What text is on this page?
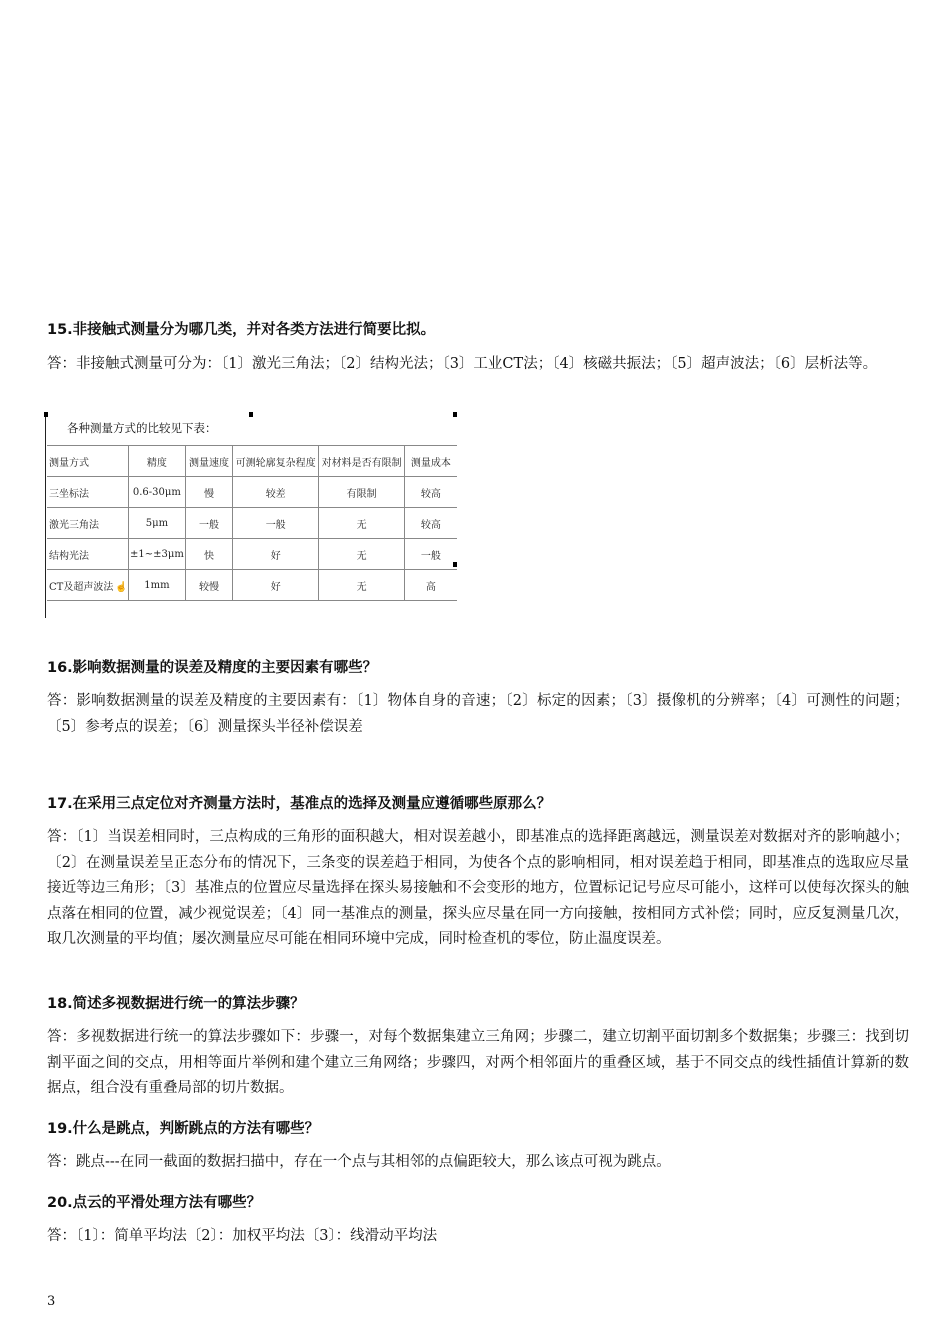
15.非接触式测量分为哪几类，并对各类方法进行简要比拟。
答：非接触式测量可分为：〔1〕激光三角法；〔2〕结构光法；〔3〕工业CT法；〔4〕核磁共振法；〔5〕超声波法；〔6〕层析法等。
各种测量方式的比较见下表：
测量方式	精度	测量速度	可测轮廓复杂程度	对材料是否有限制	测量成本
三坐标法	0.6-30μm	慢	较差	有限制	较高
激光三角法	5μm	一般	一般	无	较高
结构光法	±1~±3μm	快	好	无	一般
CT及超声波法 ☝	1mm	较慢	好	无	高
16.影响数据测量的误差及精度的主要因素有哪些？
答：影响数据测量的误差及精度的主要因素有：〔1〕物体自身的音速；〔2〕标定的因素；〔3〕摄像机的分辨率；〔4〕可测性的问题；〔5〕参考点的误差；〔6〕测量探头半径补偿误差
17.在采用三点定位对齐测量方法时，基准点的选择及测量应遵循哪些原那么？
答：〔1〕当误差相同时，三点构成的三角形的面积越大，相对误差越小，即基准点的选择距离越远，测量误差对数据对齐的影响越小；〔2〕在测量误差呈正态分布的情况下，三条变的误差趋于相同，为使各个点的影响相同，相对误差趋于相同，即基准点的选取应尽量接近等边三角形；〔3〕基准点的位置应尽量选择在探头易接触和不会变形的地方，位置标记记号应尽可能小，这样可以使每次探头的触点落在相同的位置，减少视觉误差；〔4〕同一基准点的测量，探头应尽量在同一方向接触，按相同方式补偿；同时，应反复测量几次，取几次测量的平均值；屡次测量应尽可能在相同环境中完成，同时检查机的零位，防止温度误差。
18.简述多视数据进行统一的算法步骤？
答：多视数据进行统一的算法步骤如下：步骤一，对每个数据集建立三角网；步骤二，建立切割平面切割多个数据集；步骤三：找到切割平面之间的交点，用相等面片举例和建个建立三角网络；步骤四，对两个相邻面片的重叠区域，基于不同交点的线性插值计算新的数据点，组合没有重叠局部的切片数据。
19.什么是跳点，判断跳点的方法有哪些？
答：跳点---在同一截面的数据扫描中，存在一个点与其相邻的点偏距较大，那么该点可视为跳点。
20.点云的平滑处理方法有哪些？
答：〔1〕：简单平均法〔2〕：加权平均法〔3〕：线滑动平均法
3
